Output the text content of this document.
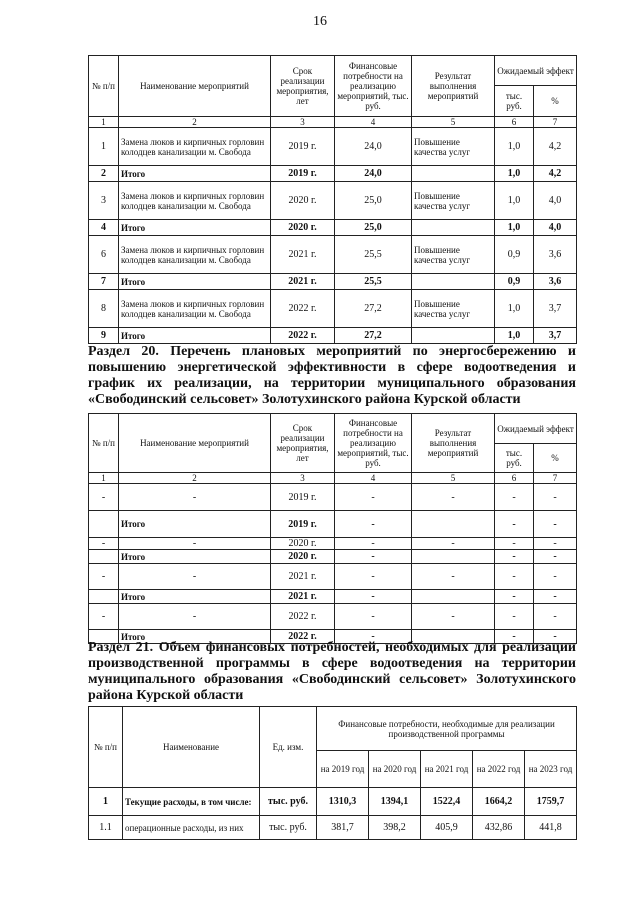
16
№ п/п	Наименование мероприятий	Срок реализации мероприятия, лет	Финансовые потребности на реализацию мероприятий, тыс. руб.	Результат выполнения мероприятий	Ожидаемый эффект	
					тыс. руб.	%
1	2	3	4	5	6	7
1	Замена люков и кирпичных горловин колодцев канализации м. Свобода	2019 г.	24,0	Повышение качества услуг	1,0	4,2
2	Итого	2019 г.	24,0		1,0	4,2
3	Замена люков и кирпичных горловин колодцев канализации м. Свобода	2020 г.	25,0	Повышение качества услуг	1,0	4,0
4	Итого	2020 г.	25,0		1,0	4,0
6	Замена люков и кирпичных горловин колодцев канализации м. Свобода	2021 г.	25,5	Повышение качества услуг	0,9	3,6
7	Итого	2021 г.	25,5		0,9	3,6
8	Замена люков и кирпичных горловин колодцев канализации м. Свобода	2022 г.	27,2	Повышение качества услуг	1,0	3,7
9	Итого	2022 г.	27,2		1,0	3,7
Раздел 20. Перечень плановых мероприятий по энергосбережению и повышению энергетической эффективности в сфере водоотведения и график их реализации, на территории муниципального образования «Свободинский сельсовет» Золотухинского района Курской области
№ п/п	Наименование мероприятий	Срок реализации мероприятия, лет	Финансовые потребности на реализацию мероприятий, тыс. руб.	Результат выполнения мероприятий	Ожидаемый эффект	
					тыс. руб.	%
1	2	3	4	5	6	7
-	-	2019 г.	-	-	-	-
	Итого	2019 г.	-		-	-
-	-	2020 г.	-	-	-	-
	Итого	2020 г.	-		-	-
-	-	2021 г.	-	-	-	-
	Итого	2021 г.	-		-	-
-	-	2022 г.	-	-	-	-
	Итого	2022 г.	-		-	-
Раздел 21. Объем финансовых потребностей, необходимых для реализации производственной программы в сфере водоотведения на территории муниципального образования «Свободинский сельсовет» Золотухинского района Курской области
№ п/п	Наименование	Ед. изм.	Финансовые потребности, необходимые для реализации производственной программы				
			на 2019 год	на 2020 год	на 2021 год	на 2022 год	на 2023 год
1	Текущие расходы, в том числе:	тыс. руб.	1310,3	1394,1	1522,4	1664,2	1759,7
1.1	операционные расходы, из них	тыс. руб.	381,7	398,2	405,9	432,86	441,8
